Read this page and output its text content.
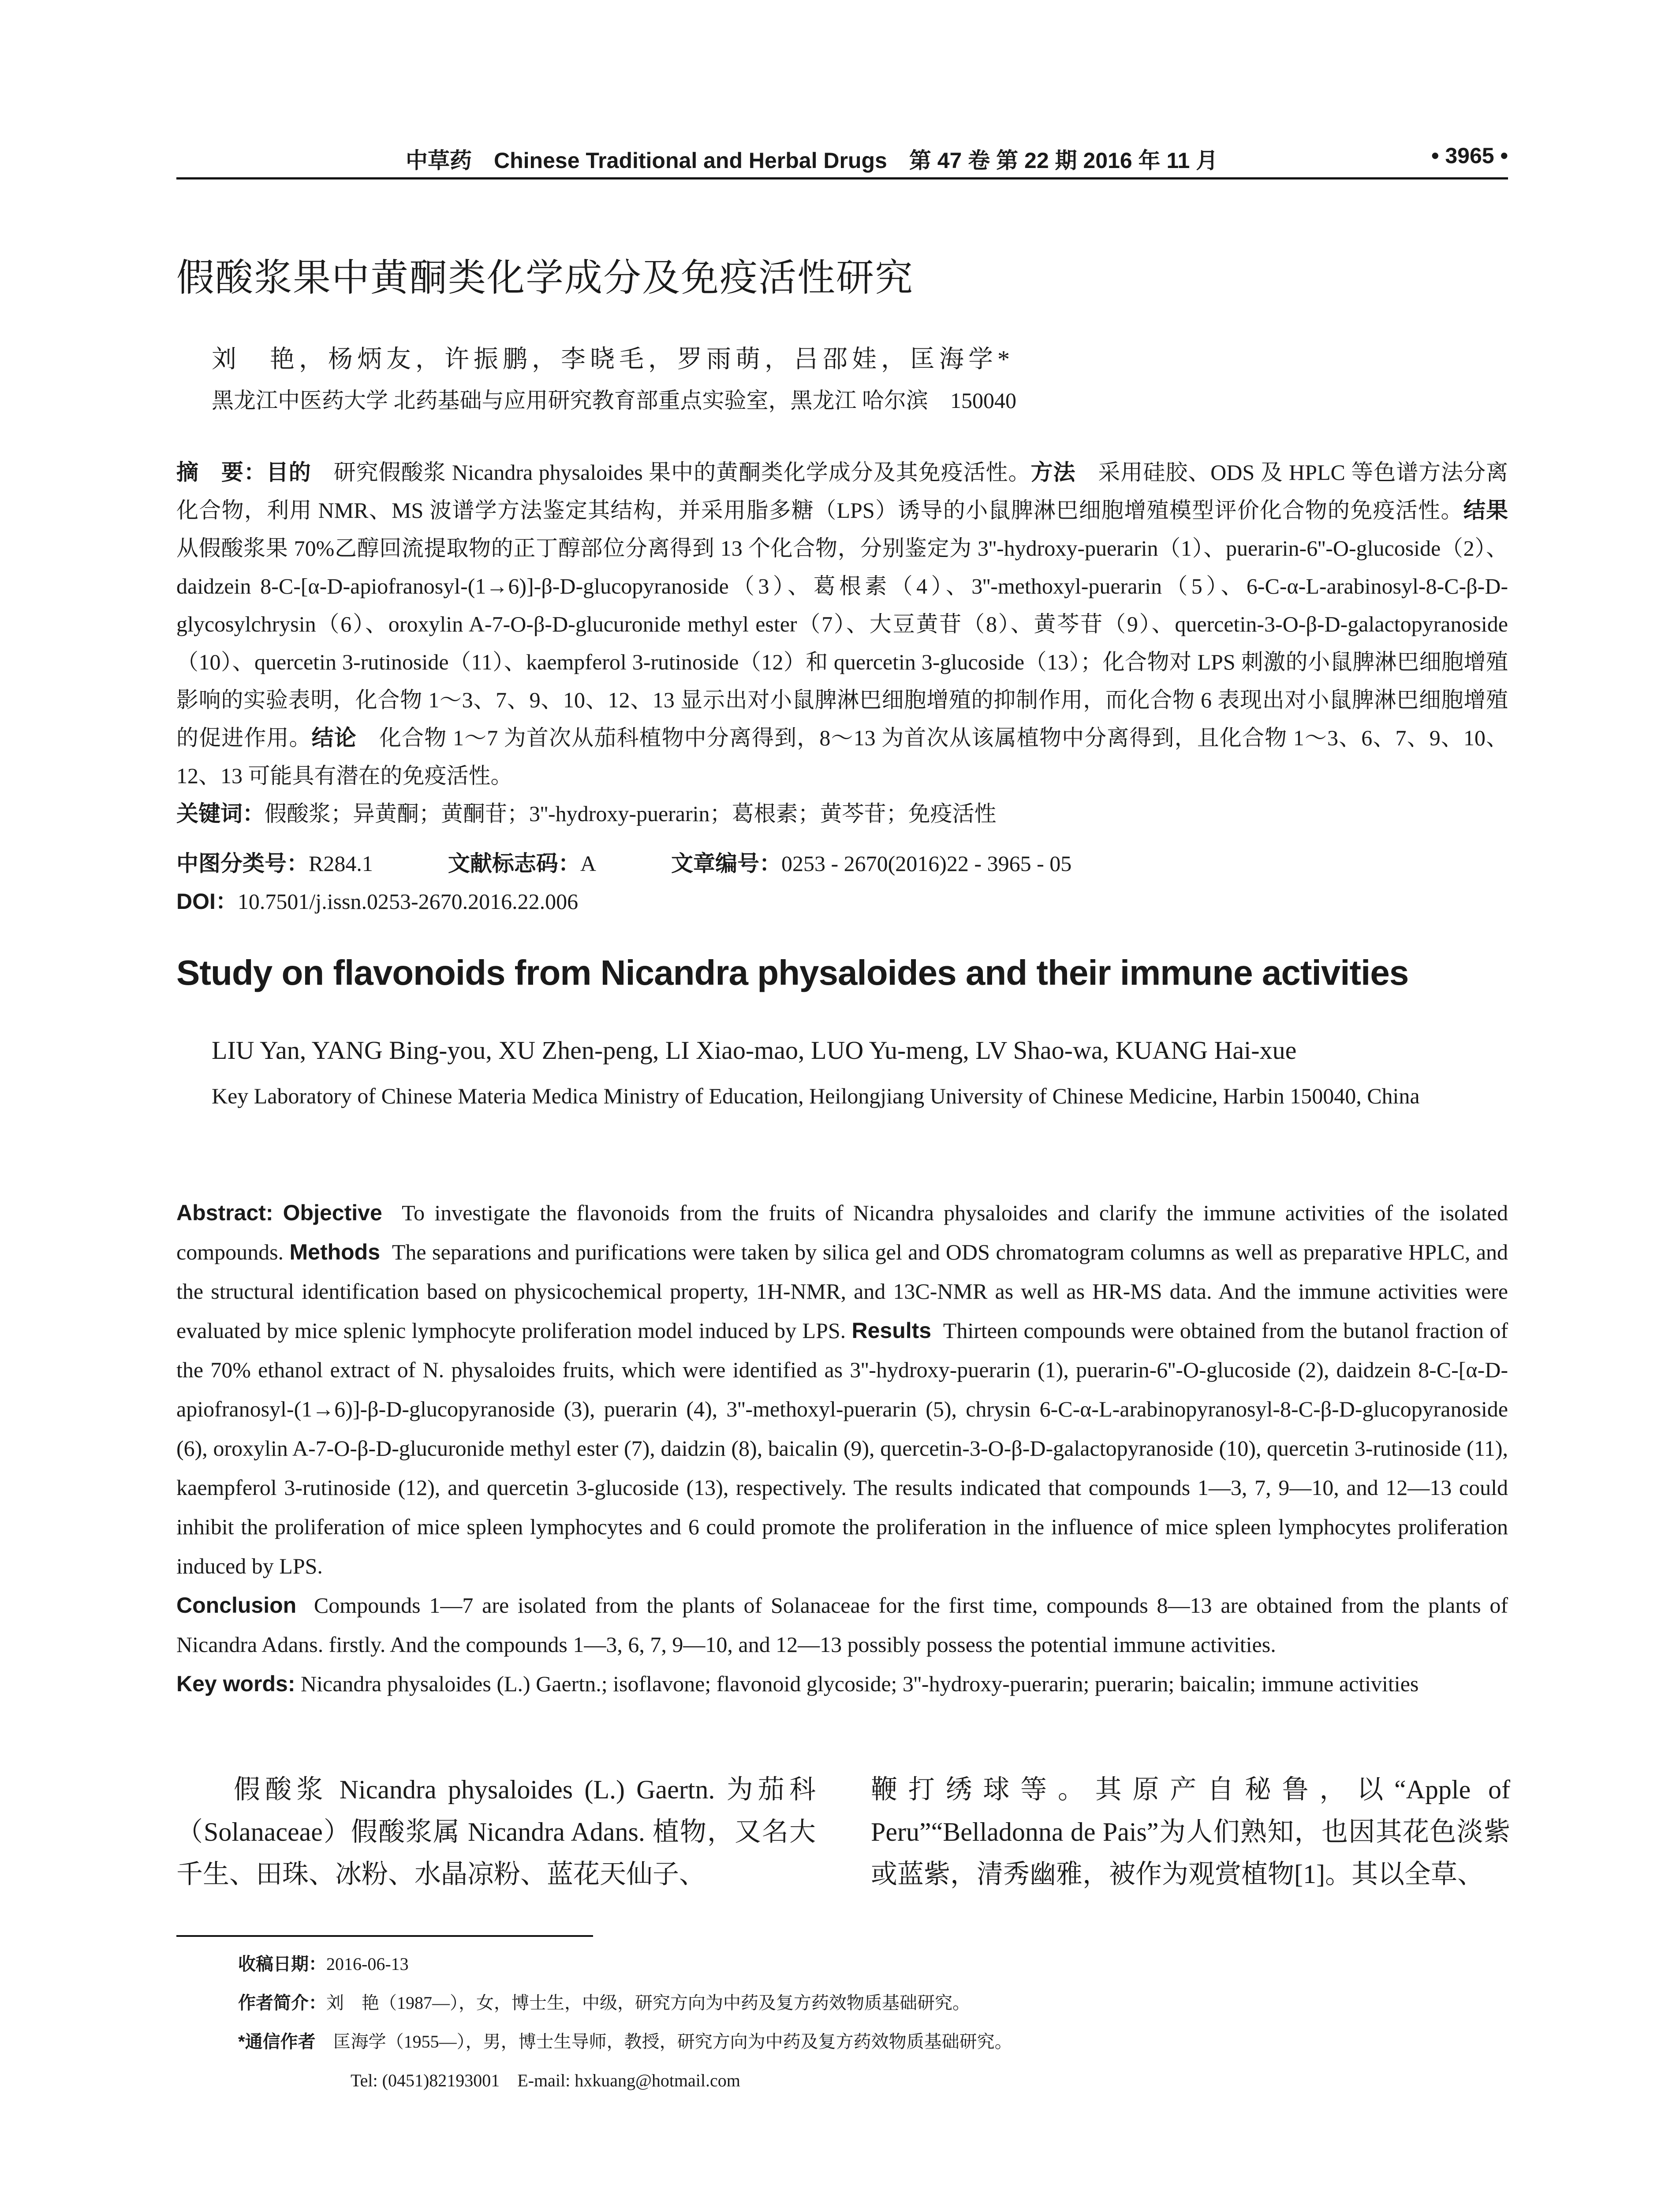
中草药　Chinese Traditional and Herbal Drugs　第 47 卷 第 22 期 2016 年 11 月	• 3965 •
假酸浆果中黄酮类化学成分及免疫活性研究
刘　艳，杨炳友，许振鹏，李晓毛，罗雨萌，吕邵娃，匡海学*
黑龙江中医药大学 北药基础与应用研究教育部重点实验室，黑龙江 哈尔滨　150040
摘　要：目的　 研究假酸浆 Nicandra physaloides 果中的黄酮类化学成分及其免疫活性。方法　 采用硅胶、ODS 及 HPLC 等色谱方法分离化合物，利用 NMR、MS 波谱学方法鉴定其结构，并采用脂多糖（LPS）诱导的小鼠脾淋巴细胞增殖模型评价化合物的免疫活性。结果　从假酸浆果 70%乙醇回流提取物的正丁醇部位分离得到 13 个化合物，分别鉴定为 3''-hydroxy-puerarin（1）、puerarin-6''-O-glucoside（2）、daidzein 8-C-[α-D-apiofranosyl-(1→6)]-β-D-glucopyranoside（3）、葛根素（4）、3''-methoxyl-puerarin（5）、6-C-α-L-arabinosyl-8-C-β-D-glycosylchrysin（6）、oroxylin A-7-O-β-D-glucuronide methyl ester（7）、大豆黄苷（8）、黄芩苷（9）、quercetin-3-O-β-D-galactopyranoside（10）、quercetin 3-rutinoside（11）、kaempferol 3-rutinoside（12）和 quercetin 3-glucoside（13）；化合物对 LPS 刺激的小鼠脾淋巴细胞增殖影响的实验表明，化合物 1～3、7、9、10、12、13 显示出对小鼠脾淋巴细胞增殖的抑制作用，而化合物 6 表现出对小鼠脾淋巴细胞增殖的促进作用。结论　 化合物 1～7 为首次从茄科植物中分离得到，8～13 为首次从该属植物中分离得到，且化合物 1～3、6、7、9、10、12、13 可能具有潜在的免疫活性。
关键词：假酸浆；异黄酮；黄酮苷；3''-hydroxy-puerarin；葛根素；黄芩苷；免疫活性
中图分类号：R284.1	文献标志码：A	文章编号：0253 - 2670(2016)22 - 3965 - 05
DOI：10.7501/j.issn.0253-2670.2016.22.006
Study on flavonoids from Nicandra physaloides and their immune activities
LIU Yan, YANG Bing-you, XU Zhen-peng, LI Xiao-mao, LUO Yu-meng, LV Shao-wa, KUANG Hai-xue
Key Laboratory of Chinese Materia Medica Ministry of Education, Heilongjiang University of Chinese Medicine, Harbin 150040, China
Abstract: Objective To investigate the flavonoids from the fruits of Nicandra physaloides and clarify the immune activities of the isolated compounds. Methods The separations and purifications were taken by silica gel and ODS chromatogram columns as well as preparative HPLC, and the structural identification based on physicochemical property, 1H-NMR, and 13C-NMR as well as HR-MS data. And the immune activities were evaluated by mice splenic lymphocyte proliferation model induced by LPS. Results Thirteen compounds were obtained from the butanol fraction of the 70% ethanol extract of N. physaloides fruits, which were identified as 3''-hydroxy-puerarin (1), puerarin-6''-O-glucoside (2), daidzein 8-C-[α-D-apiofranosyl-(1→6)]-β-D-glucopyranoside (3), puerarin (4), 3''-methoxyl-puerarin (5), chrysin 6-C-α-L-arabinopyranosyl-8-C-β-D-glucopyranoside (6), oroxylin A-7-O-β-D-glucuronide methyl ester (7), daidzin (8), baicalin (9), quercetin-3-O-β-D-galactopyranoside (10), quercetin 3-rutinoside (11), kaempferol 3-rutinoside (12), and quercetin 3-glucoside (13), respectively. The results indicated that compounds 1—3, 7, 9—10, and 12—13 could inhibit the proliferation of mice spleen lymphocytes and 6 could promote the proliferation in the influence of mice spleen lymphocytes proliferation induced by LPS.
Conclusion Compounds 1—7 are isolated from the plants of Solanaceae for the first time, compounds 8—13 are obtained from the plants of Nicandra Adans. firstly. And the compounds 1—3, 6, 7, 9—10, and 12—13 possibly possess the potential immune activities.
Key words: Nicandra physaloides (L.) Gaertn.; isoflavone; flavonoid glycoside; 3''-hydroxy-puerarin; puerarin; baicalin; immune activities
假酸浆 Nicandra physaloides (L.) Gaertn. 为茄科（Solanaceae）假酸浆属 Nicandra Adans. 植物，又名大千生、田珠、冰粉、水晶凉粉、蓝花天仙子、
鞭打绣球等。其原产自秘鲁，以“Apple of Peru”“Belladonna de Pais”为人们熟知，也因其花色淡紫或蓝紫，清秀幽雅，被作为观赏植物[1]。其以全草、
收稿日期：2016-06-13
作者简介：刘　艳（1987—），女，博士生，中级，研究方向为中药及复方药效物质基础研究。
*通信作者　 匡海学（1955—），男，博士生导师，教授，研究方向为中药及复方药效物质基础研究。
Tel: (0451)82193001　E-mail: hxkuang@hotmail.com
